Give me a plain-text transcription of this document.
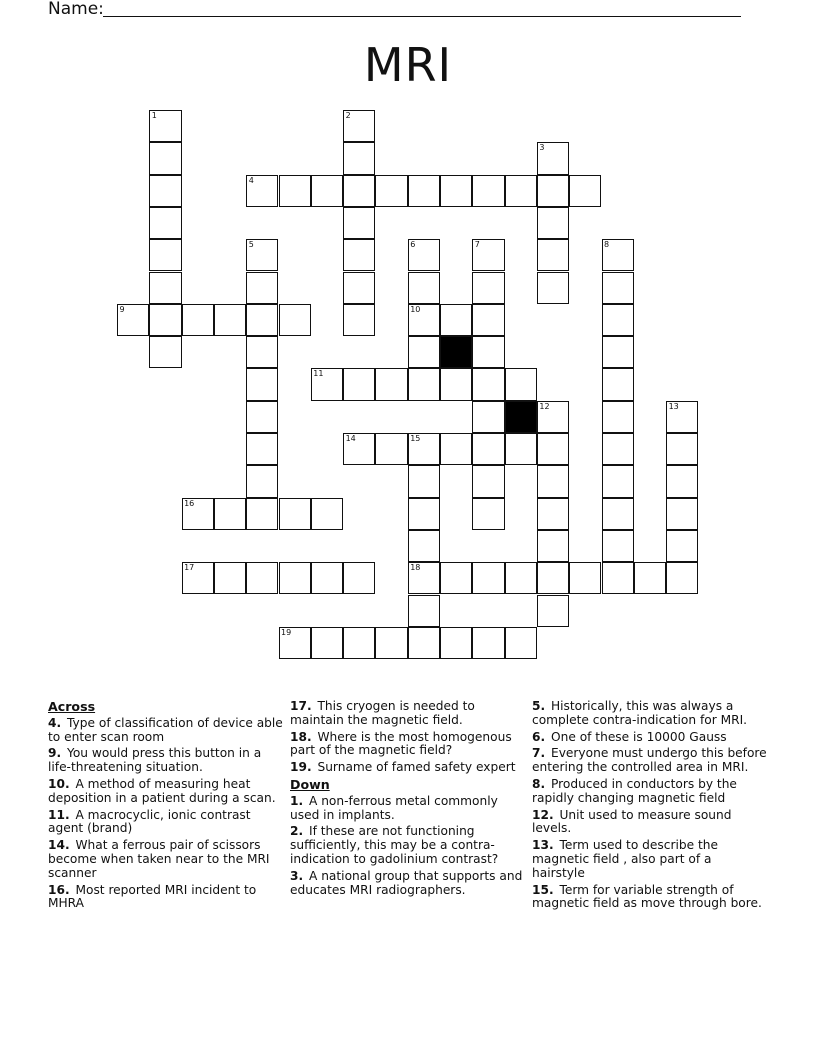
Name:
MRI
1	2
3
4
5	6
10
7	8
9
11
12	13
14	15
18
16
17
19
Across
4. Type of classification of device able to enter scan room
9. You would press this button in a life-threatening situation.
10. A method of measuring heat deposition in a patient during a scan.
11. A macrocyclic, ionic contrast agent (brand)
14. What a ferrous pair of scissors become when taken near to the MRI scanner
16. Most reported MRI incident to MHRA
17. This cryogen is needed to maintain the magnetic field.
18. Where is the most homogenous part of the magnetic field?
19. Surname of famed safety expert
Down
1. A non-ferrous metal commonly used in implants.
2. If these are not functioning sufficiently, this may be a contra-indication to gadolinium contrast?
3. A national group that supports and educates MRI radiographers.
5. Historically, this was always a complete contra-indication for MRI.
6. One of these is 10000 Gauss
7. Everyone must undergo this before entering the controlled area in MRI.
8. Produced in conductors by the rapidly changing magnetic field
12. Unit used to measure sound levels.
13. Term used to describe the magnetic field , also part of a hairstyle
15. Term for variable strength of magnetic field as move through bore.
